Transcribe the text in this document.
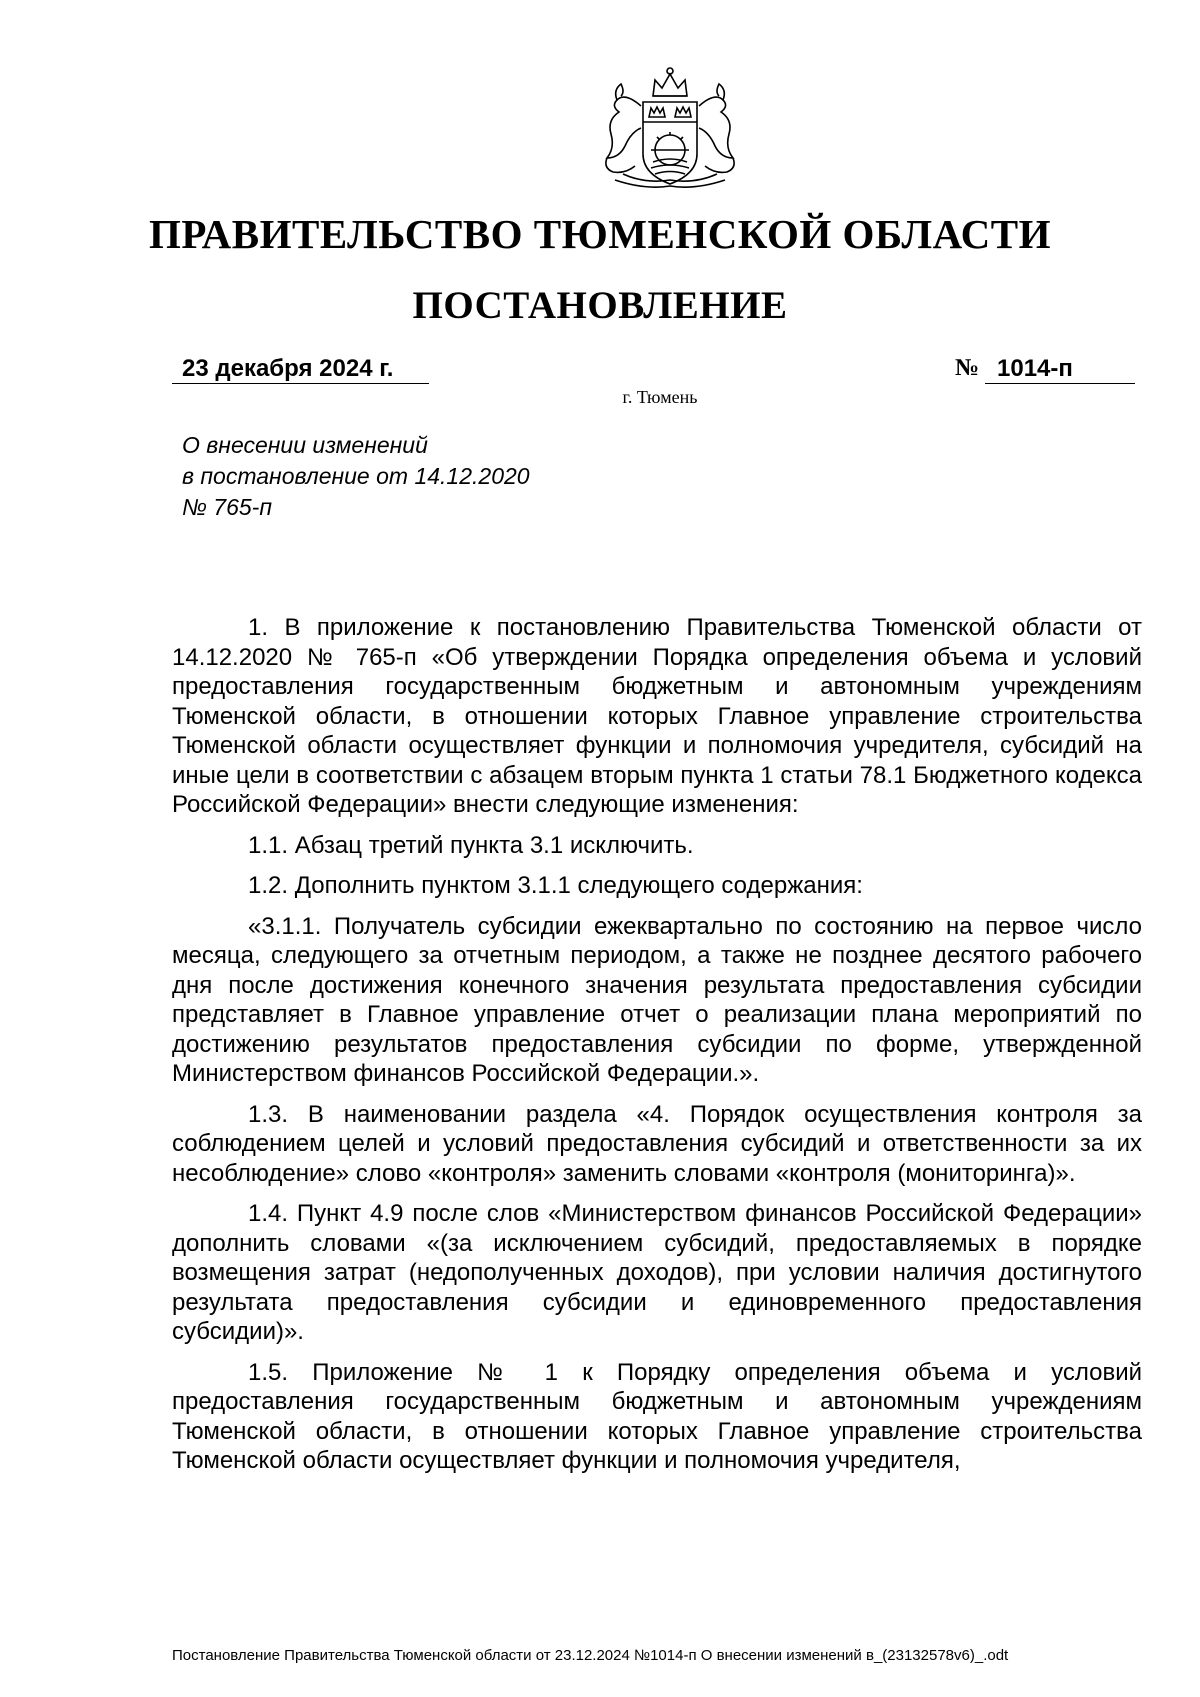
ПРАВИТЕЛЬСТВО ТЮМЕНСКОЙ ОБЛАСТИ
ПОСТАНОВЛЕНИЕ
23 декабря 2024 г.	№ 1014-п
г. Тюмень
О внесении изменений
в постановление от 14.12.2020
№ 765-п

1. В приложение к постановлению Правительства Тюменской области от 14.12.2020 № 765-п «Об утверждении Порядка определения объема и условий предоставления государственным бюджетным и автономным учреждениям Тюменской области, в отношении которых Главное управление строительства Тюменской области осуществляет функции и полномочия учредителя, субсидий на иные цели в соответствии с абзацем вторым пункта 1 статьи 78.1 Бюджетного кодекса Российской Федерации» внести следующие изменения:

1.1. Абзац третий пункта 3.1 исключить.

1.2. Дополнить пунктом 3.1.1 следующего содержания:

«3.1.1. Получатель субсидии ежеквартально по состоянию на первое число месяца, следующего за отчетным периодом, а также не позднее десятого рабочего дня после достижения конечного значения результата предоставления субсидии представляет в Главное управление отчет о реализации плана мероприятий по достижению результатов предоставления субсидии по форме, утвержденной Министерством финансов Российской Федерации.».

1.3. В наименовании раздела «4. Порядок осуществления контроля за соблюдением целей и условий предоставления субсидий и ответственности за их несоблюдение» слово «контроля» заменить словами «контроля (мониторинга)».

1.4. Пункт 4.9 после слов «Министерством финансов Российской Федерации» дополнить словами «(за исключением субсидий, предоставляемых в порядке возмещения затрат (недополученных доходов), при условии наличия достигнутого результата предоставления субсидии и единовременного предоставления субсидии)».

1.5. Приложение № 1 к Порядку определения объема и условий предоставления государственным бюджетным и автономным учреждениям Тюменской области, в отношении которых Главное управление строительства Тюменской области осуществляет функции и полномочия учредителя,

Постановление Правительства Тюменской области от 23.12.2024 №1014-п О внесении изменений в_(23132578v6)_.odt
